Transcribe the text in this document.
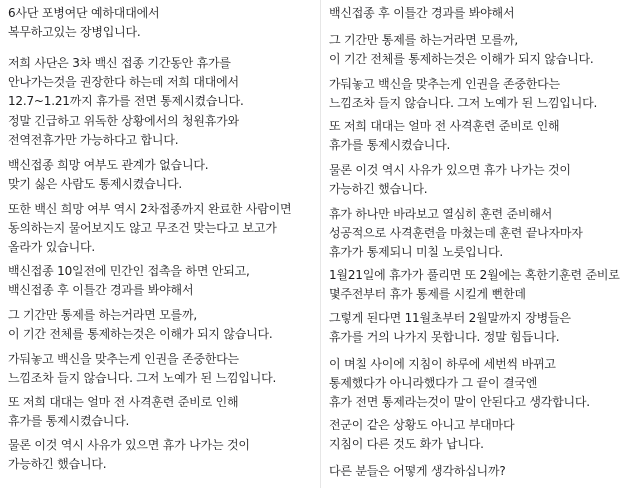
6사단 포병여단 예하대대에서
복무하고있는 장병입니다.
저희 사단은 3차 백신 접종 기간동안 휴가를
안나가는것을 권장한다 하는데 저희 대대에서
12.7~1.21까지 휴가를 전면 통제시켰습니다.
정말 긴급하고 위독한 상황에서의 청원휴가와
전역전휴가만 가능하다고 합니다.
백신접종 희망 여부도 관계가 없습니다.
맞기 싫은 사람도 통제시켰습니다.
또한 백신 희망 여부 역시 2차접종까지 완료한 사람이면
동의하는지 물어보지도 않고 무조건 맞는다고 보고가
올라가 있습니다.
백신접종 10일전에 민간인 접촉을 하면 안되고,
백신접종 후 이틀간 경과를 봐야해서
그 기간만 통제를 하는거라면 모를까,
이 기간 전체를 통제하는것은 이해가 되지 않습니다.
가둬놓고 백신을 맞추는게 인권을 존중한다는
느낌조차 들지 않습니다. 그저 노예가 된 느낌입니다.
또 저희 대대는 얼마 전 사격훈련 준비로 인해
휴가를 통제시켰습니다.
물론 이것 역시 사유가 있으면 휴가 나가는 것이
가능하긴 했습니다.
백신접종 후 이틀간 경과를 봐야해서
그 기간만 통제를 하는거라면 모를까,
이 기간 전체를 통제하는것은 이해가 되지 않습니다.
가둬놓고 백신을 맞추는게 인권을 존중한다는
느낌조차 들지 않습니다. 그저 노예가 된 느낌입니다.
또 저희 대대는 얼마 전 사격훈련 준비로 인해
휴가를 통제시켰습니다.
물론 이것 역시 사유가 있으면 휴가 나가는 것이
가능하긴 했습니다.
휴가 하나만 바라보고 열심히 훈련 준비해서
성공적으로 사격훈련을 마쳤는데 훈련 끝나자마자
휴가가 통제되니 미칠 노릇입니다.
1월21일에 휴가가 풀리면 또 2월에는 혹한기훈련 준비로
몇주전부터 휴가 통제를 시킬게 뻔한데
그렇게 된다면 11월초부터 2월말까지 장병들은
휴가를 거의 나가지 못합니다. 정말 힘듭니다.
이 며칠 사이에 지침이 하루에 세번씩 바뀌고
통제했다가 아니라했다가 그 끝이 결국엔
휴가 전면 통제라는것이 말이 안된다고 생각합니다.
전군이 같은 상황도 아니고 부대마다
지침이 다른 것도 화가 납니다.
다른 분들은 어떻게 생각하십니까?
